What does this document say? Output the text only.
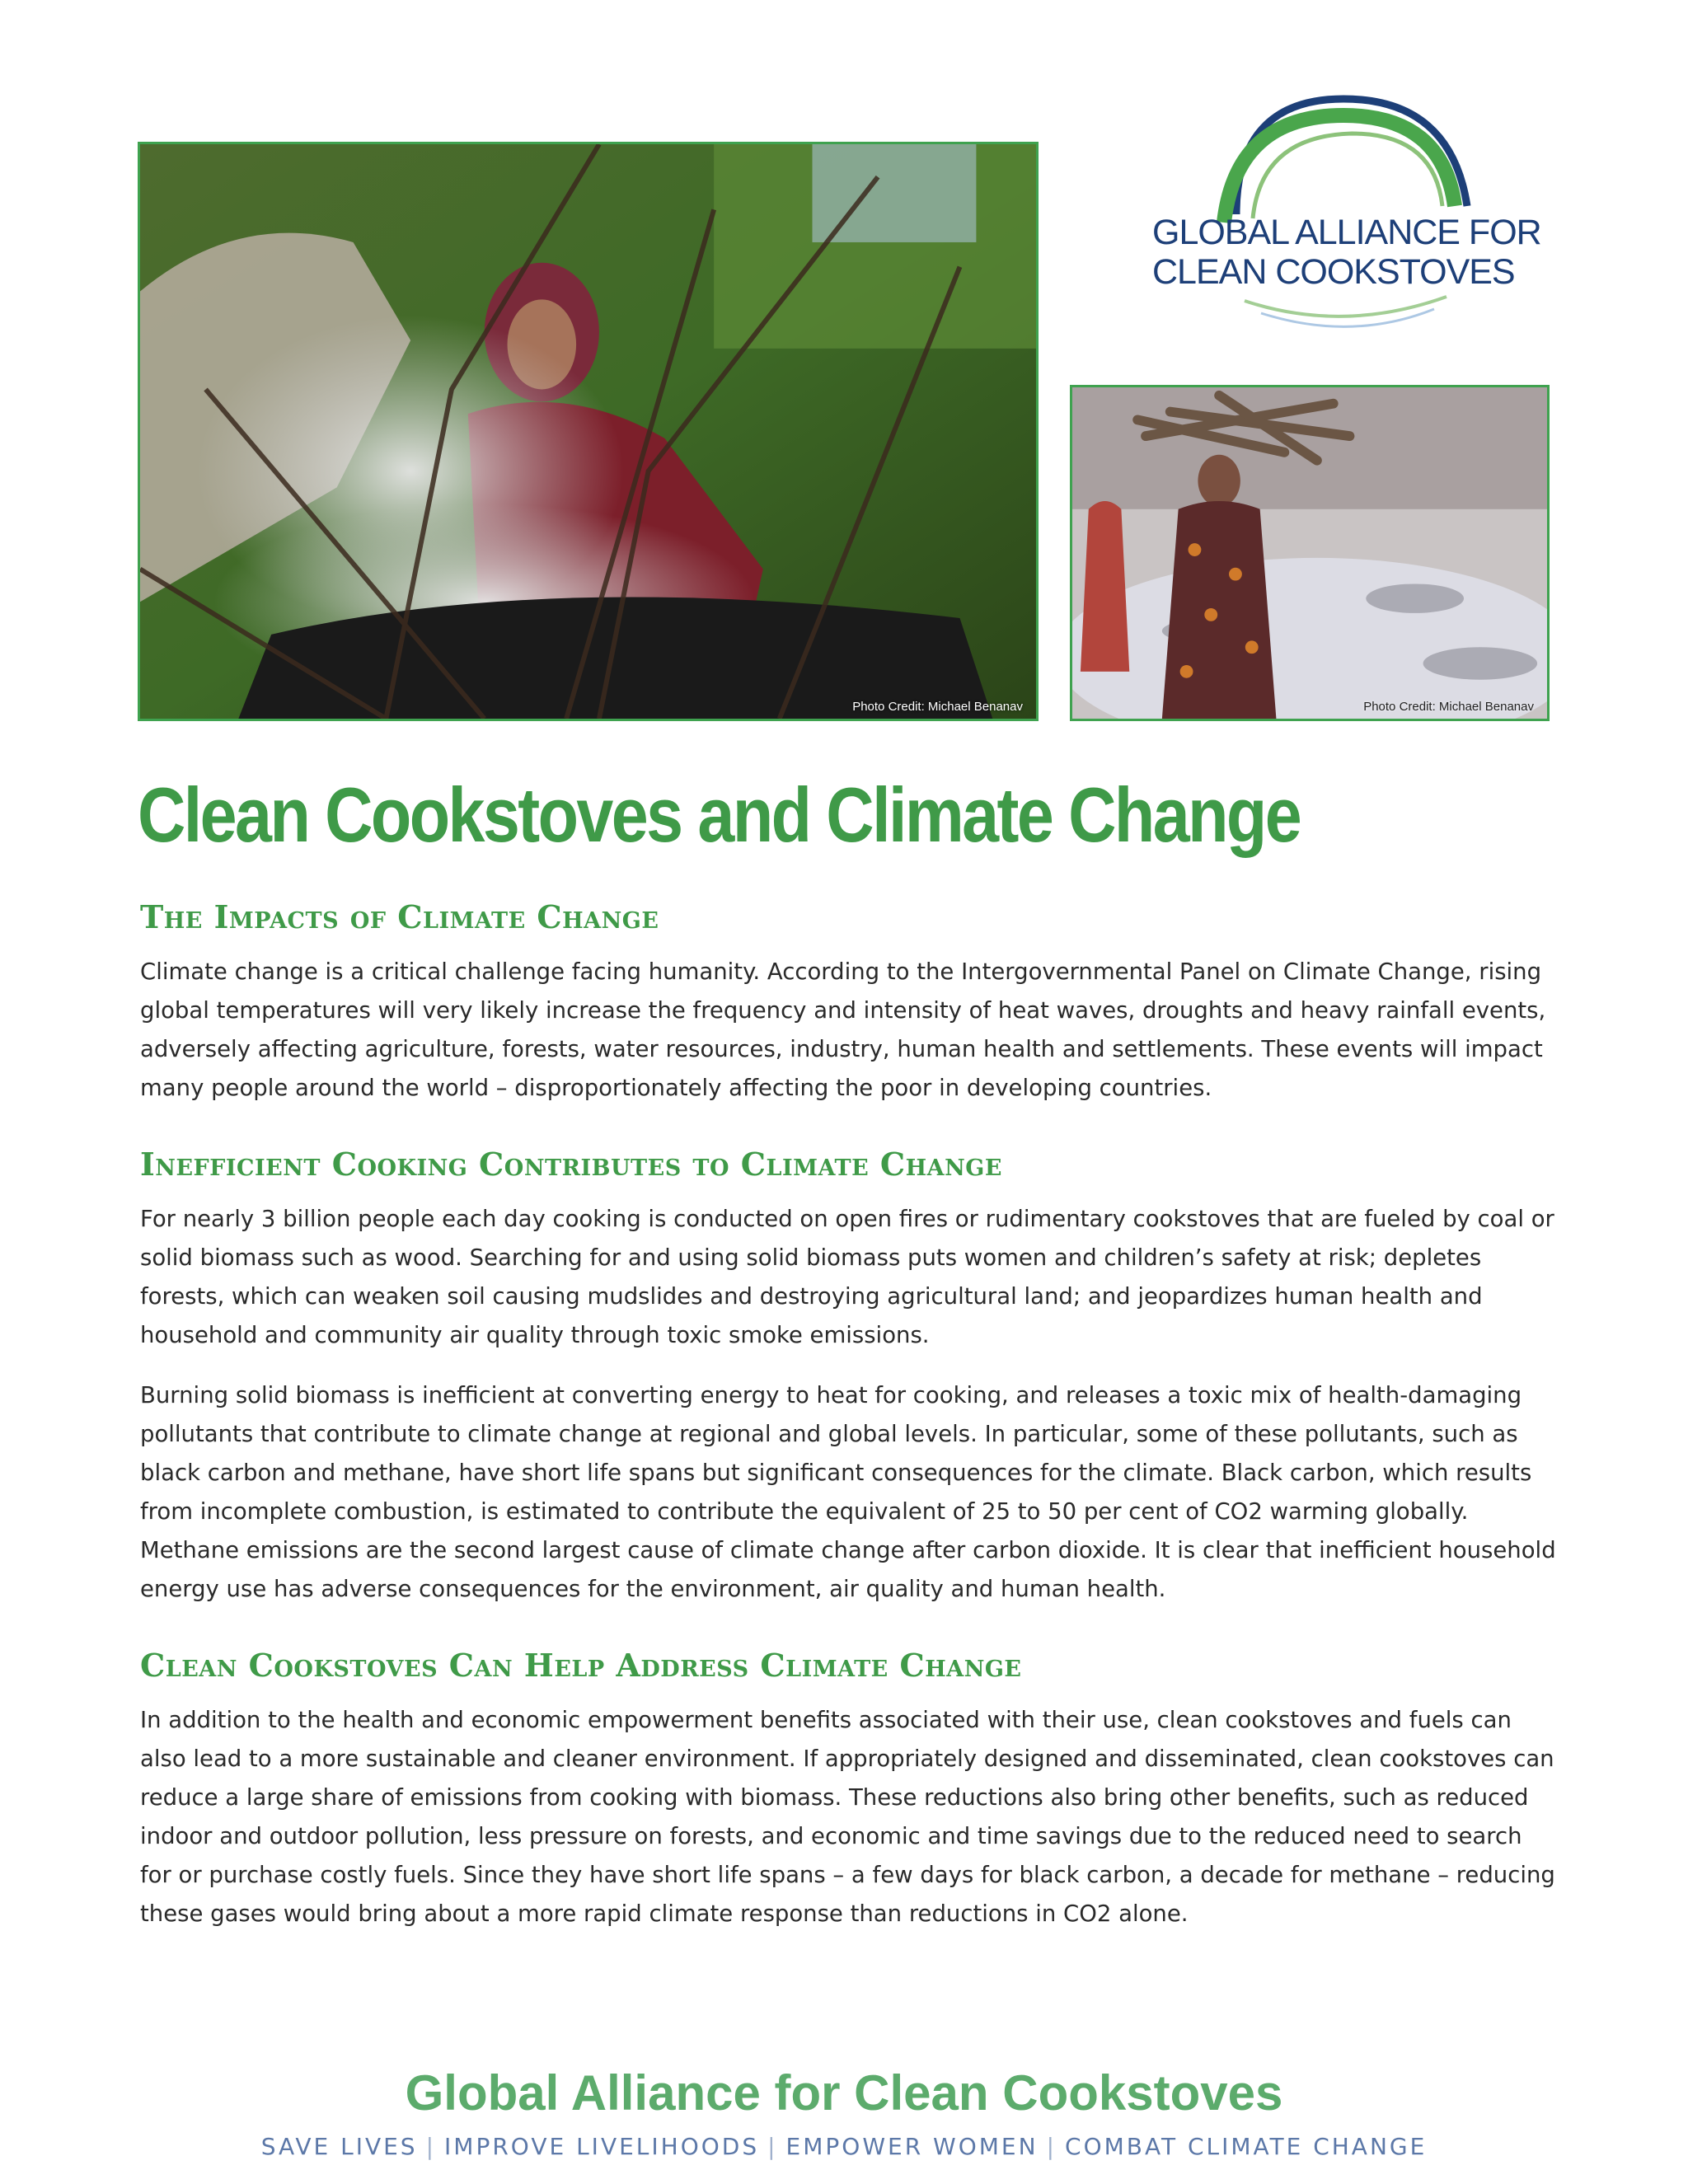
Photo Credit: Michael Benanav	Photo Credit: Michael Benanav
GLOBAL ALLIANCE FOR
CLEAN COOKSTOVES
Clean Cookstoves and Climate Change
The Impacts of Climate Change

Climate change is a critical challenge facing humanity. According to the Intergovernmental Panel on Climate Change, rising global temperatures will very likely increase the frequency and intensity of heat waves, droughts and heavy rainfall events, adversely affecting agriculture, forests, water resources, industry, human health and settlements. These events will impact many people around the world – disproportionately affecting the poor in developing countries.

Inefficient Cooking Contributes to Climate Change

For nearly 3 billion people each day cooking is conducted on open fires or rudimentary cookstoves that are fueled by coal or solid biomass such as wood. Searching for and using solid biomass puts women and children’s safety at risk; depletes forests, which can weaken soil causing mudslides and destroying agricultural land; and jeopardizes human health and household and community air quality through toxic smoke emissions.

Burning solid biomass is inefficient at converting energy to heat for cooking, and releases a toxic mix of health-damaging pollutants that contribute to climate change at regional and global levels. In particular, some of these pollutants, such as black carbon and methane, have short life spans but significant consequences for the climate. Black carbon, which results from incomplete combustion, is estimated to contribute the equivalent of 25 to 50 per cent of CO2 warming globally. Methane emissions are the second largest cause of climate change after carbon dioxide. It is clear that inefficient household energy use has adverse consequences for the environment, air quality and human health.

Clean Cookstoves Can Help Address Climate Change

In addition to the health and economic empowerment benefits associated with their use, clean cookstoves and fuels can also lead to a more sustainable and cleaner environment. If appropriately designed and disseminated, clean cookstoves can reduce a large share of emissions from cooking with biomass. These reductions also bring other benefits, such as reduced indoor and outdoor pollution, less pressure on forests, and economic and time savings due to the reduced need to search for or purchase costly fuels. Since they have short life spans – a few days for black carbon, a decade for methane – reducing these gases would bring about a more rapid climate response than reductions in CO2 alone.

Global Alliance for Clean Cookstoves
SAVE LIVES | IMPROVE LIVELIHOODS | EMPOWER WOMEN | COMBAT CLIMATE CHANGE
